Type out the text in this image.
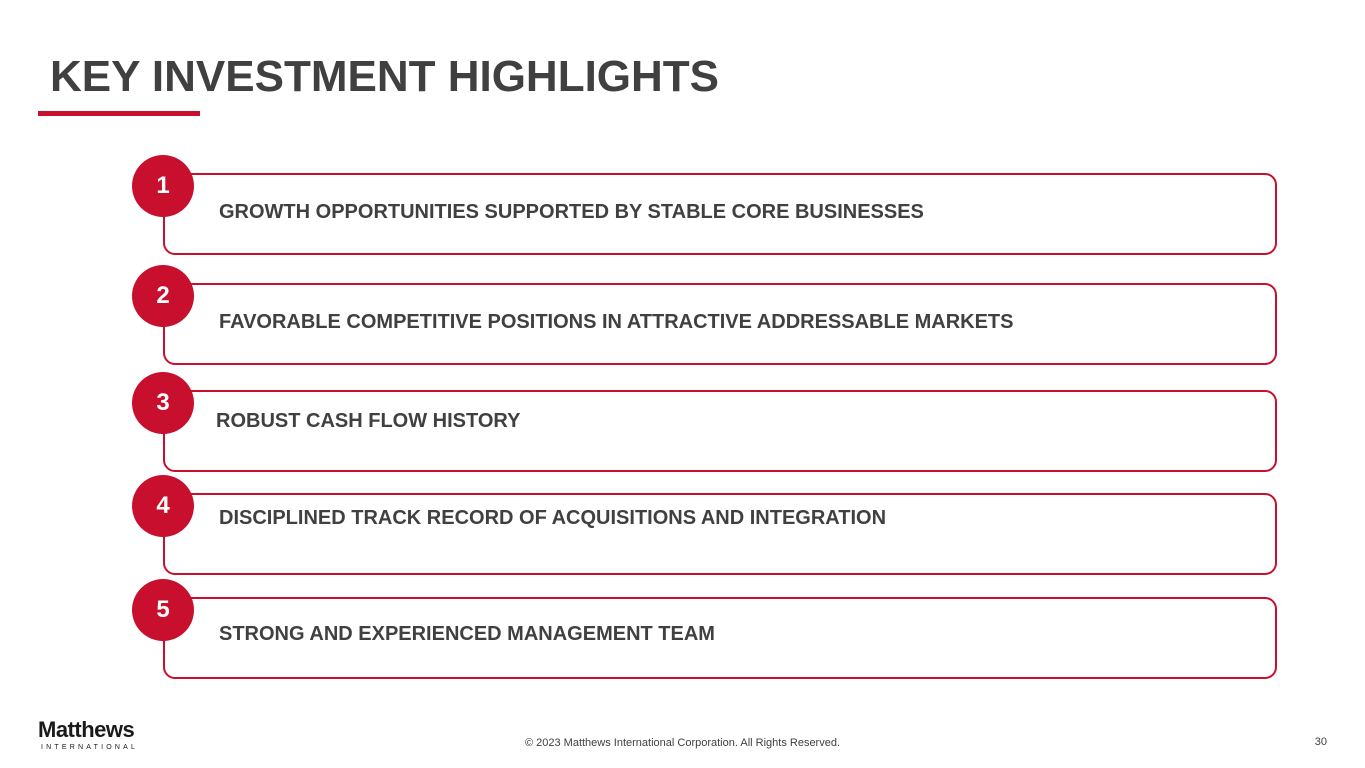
KEY INVESTMENT HIGHLIGHTS
GROWTH OPPORTUNITIES SUPPORTED BY STABLE CORE BUSINESSES
1
FAVORABLE COMPETITIVE POSITIONS IN ATTRACTIVE ADDRESSABLE MARKETS
2
ROBUST CASH FLOW HISTORY
3
DISCIPLINED TRACK RECORD OF ACQUISITIONS AND INTEGRATION
4
STRONG AND EXPERIENCED MANAGEMENT TEAM
5
Matthews
INTERNATIONAL	© 2023 Matthews International Corporation. All Rights Reserved.	30
